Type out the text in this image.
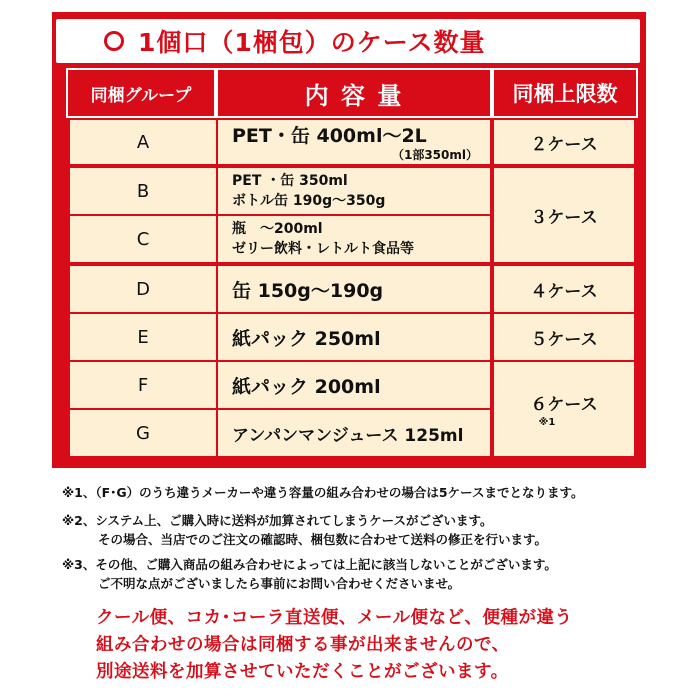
1個口（1梱包）のケース数量
同梱グループ	内 容 量	同梱上限数
A
B
C
D
E
F
G
PET・缶 400ml〜2L
（1部350ml）
PET ・缶 350ml
ボトル缶 190g〜350g
瓶　〜200ml
ゼリー飲料・レトルト食品等
缶 150g〜190g
紙パック 250ml
紙パック 200ml
アンパンマンジュース 125ml
２ケース
３ケース
４ケース
５ケース
６ケース
※1
※1、（F･G）のうち違うメーカーや違う容量の組み合わせの場合は5ケースまでとなります。
※2、システム上、ご購入時に送料が加算されてしまうケースがございます。
その場合、当店でのご注文の確認時、梱包数に合わせて送料の修正を行います。
※3、その他、ご購入商品の組み合わせによっては上記に該当しないことがございます。
ご不明な点がございましたら事前にお問い合わせくださいませ。
クール便、コカ･コーラ直送便、メール便など、便種が違う
組み合わせの場合は同梱する事が出来ませんので、
別途送料を加算させていただくことがございます。
